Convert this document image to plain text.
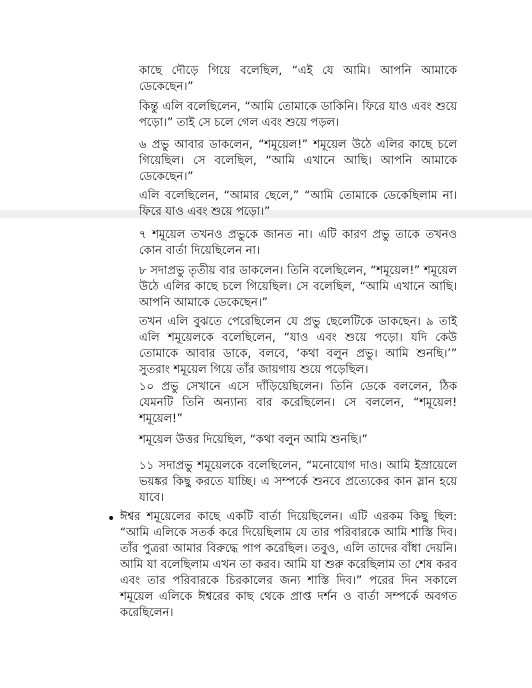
কাছে দৌড়ে গিয়ে বলেছিল, “এই যে আমি। আপনি আমাকে ডেকেছেন।”
কিন্তু এলি বলেছিলেন, “আমি তোমাকে ডাকিনি। ফিরে যাও এবং শুয়ে পড়ো।” তাই সে চলে গেল এবং শুয়ে পড়ল।
৬ প্রভু আবার ডাকলেন, “শমূয়েল!” শমূয়েল উঠে এলির কাছে চলে গিয়েছিল। সে বলেছিল, “আমি এখানে আছি। আপনি আমাকে ডেকেছেন।”
এলি বলেছিলেন, “আমার ছেলে,” “আমি তোমাকে ডেকেছিলাম না। ফিরে যাও এবং শুয়ে পড়ো।”
৭ শমূয়েল তখনও প্রভুকে জানত না। এটি কারণ প্রভু তাকে তখনও কোন বার্তা দিয়েছিলেন না।
৮ সদাপ্রভু তৃতীয় বার ডাকলেন। তিনি বলেছিলেন, “শমূয়েল!” শমূয়েল উঠে এলির কাছে চলে গিয়েছিল। সে বলেছিল, “আমি এখানে আছি। আপনি আমাকে ডেকেছেন।”
তখন এলি বুঝতে পেরেছিলেন যে প্রভু ছেলেটিকে ডাকছেন। ৯ তাই এলি শমূয়েলকে বলেছিলেন, “যাও এবং শুয়ে পড়ো। যদি কেউ তোমাকে আবার ডাকে, বলবে, ‘কথা বলুন প্রভু। আমি শুনছি।’” সুতরাং শমূয়েল গিয়ে তাঁর জায়গায় শুয়ে পড়েছিল।
১০ প্রভু সেখানে এসে দাঁড়িয়েছিলেন। তিনি ডেকে বললেন, ঠিক যেমনটি তিনি অন্যান্য বার করেছিলেন। সে বললেন, “শমূয়েল! শমূয়েল!”
শমূয়েল উত্তর দিয়েছিল, “কথা বলুন আমি শুনছি।”
১১ সদাপ্রভু শমূয়েলকে বলেছিলেন, “মনোযোগ দাও। আমি ইস্রায়েলে ভয়ঙ্কর কিছু করতে যাচ্ছি। এ সম্পর্কে শুনবে প্রত্যেকের কান স্লান হয়ে যাবে।
• ঈশ্বর শমূয়েলের কাছে একটি বার্তা দিয়েছিলেন। এটি এরকম কিছু ছিল: “আমি এলিকে সতর্ক করে দিয়েছিলাম যে তার পরিবারকে আমি শাস্তি দিব। তাঁর পুত্ররা আমার বিরুদ্ধে পাপ করেছিল। তবুও, এলি তাদের বাঁধা দেয়নি। আমি যা বলেছিলাম এখন তা করব। আমি যা শুরু করেছিলাম তা শেষ করব এবং তার পরিবারকে চিরকালের জন্য শাস্তি দিব।” পরের দিন সকালে শমূয়েল এলিকে ঈশ্বরের কাছ থেকে প্রাপ্ত দর্শন ও বার্তা সম্পর্কে অবগত করেছিলেন।
